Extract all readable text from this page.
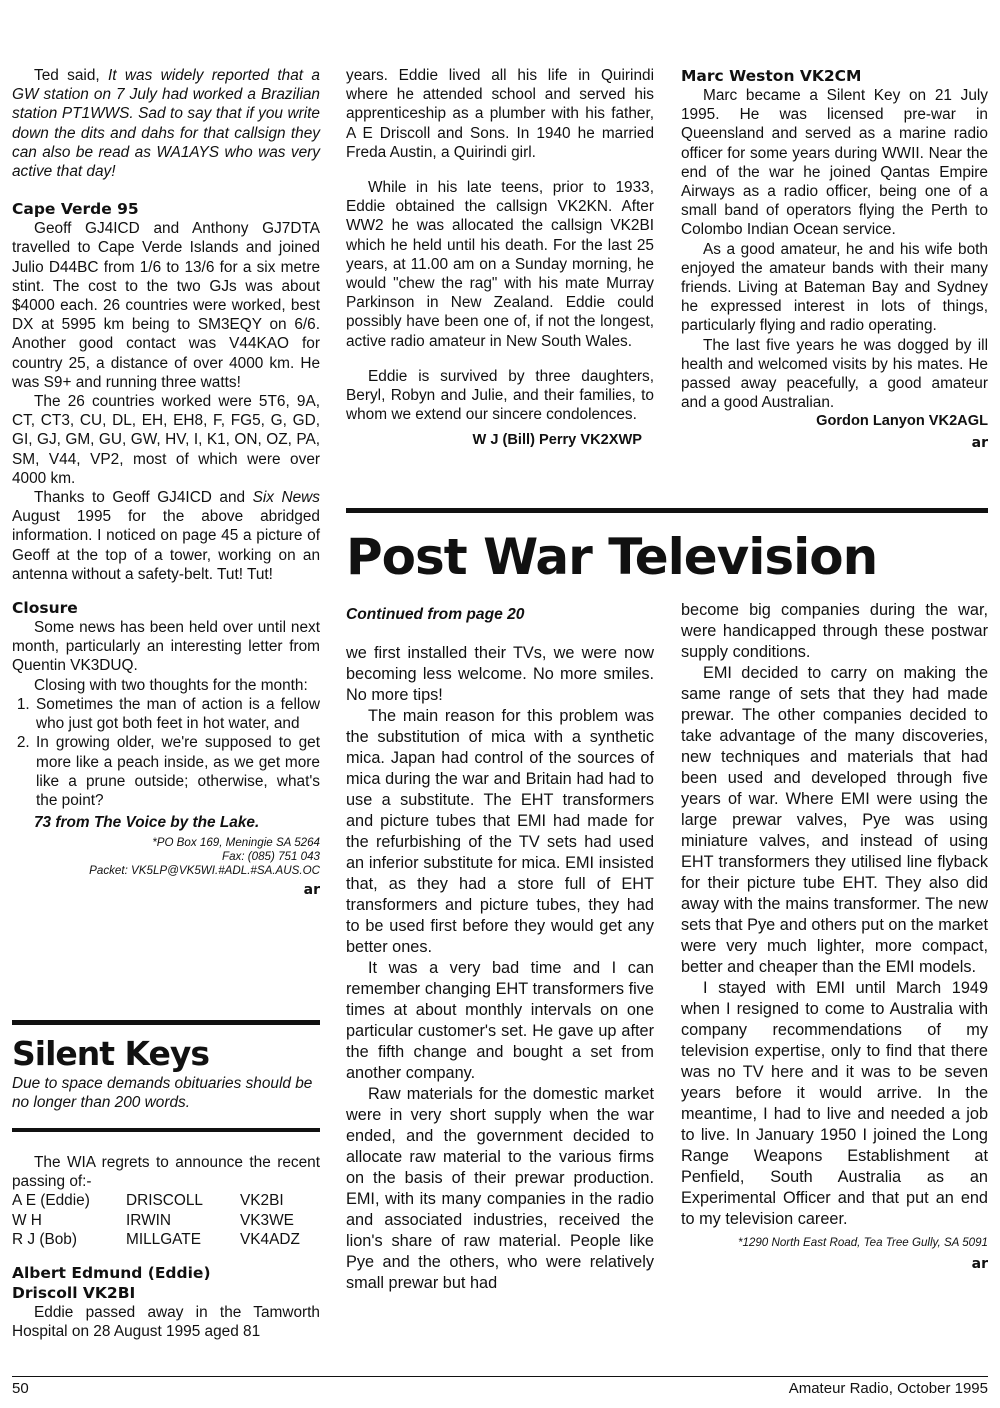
Ted said, It was widely reported that a GW station on 7 July had worked a Brazilian station PT1WWS. Sad to say that if you write down the dits and dahs for that callsign they can also be read as WA1AYS who was very active that day!

Cape Verde 95

Geoff GJ4ICD and Anthony GJ7DTA travelled to Cape Verde Islands and joined Julio D44BC from 1/6 to 13/6 for a six metre stint. The cost to the two GJs was about $4000 each. 26 countries were worked, best DX at 5995 km being to SM3EQY on 6/6. Another good contact was V44KAO for country 25, a distance of over 4000 km. He was S9+ and running three watts!

The 26 countries worked were 5T6, 9A, CT, CT3, CU, DL, EH, EH8, F, FG5, G, GD, GI, GJ, GM, GU, GW, HV, I, K1, ON, OZ, PA, SM, V44, VP2, most of which were over 4000 km.

Thanks to Geoff GJ4ICD and Six News August 1995 for the above abridged information. I noticed on page 45 a picture of Geoff at the top of a tower, working on an antenna without a safety-belt. Tut! Tut!

Closure

Some news has been held over until next month, particularly an interesting letter from Quentin VK3DUQ.

Closing with two thoughts for the month:

1. Sometimes the man of action is a fellow who just got both feet in hot water, and
2. In growing older, we're supposed to get more like a peach inside, as we get more like a prune outside; otherwise, what's the point?

73 from The Voice by the Lake.

*PO Box 169, Meningie SA 5264
Fax: (085) 751 043
Packet: VK5LP@VK5WI.#ADL.#SA.AUS.OC
ar
Silent Keys
Due to space demands obituaries should be no longer than 200 words.

The WIA regrets to announce the recent passing of:-

A E (Eddie)	DRISCOLL	VK2BI
W H	IRWIN	VK3WE
R J (Bob)	MILLGATE	VK4ADZ
Albert Edmund (Eddie)
Driscoll VK2BI

Eddie passed away in the Tamworth Hospital on 28 August 1995 aged 81

years. Eddie lived all his life in Quirindi where he attended school and served his apprenticeship as a plumber with his father, A E Driscoll and Sons. In 1940 he married Freda Austin, a Quirindi girl.

While in his late teens, prior to 1933, Eddie obtained the callsign VK2KN. After WW2 he was allocated the callsign VK2BI which he held until his death. For the last 25 years, at 11.00 am on a Sunday morning, he would "chew the rag" with his mate Murray Parkinson in New Zealand. Eddie could possibly have been one of, if not the longest, active radio amateur in New South Wales.

Eddie is survived by three daughters, Beryl, Robyn and Julie, and their families, to whom we extend our sincere condolences.

W J (Bill) Perry VK2XWP
Marc Weston VK2CM

Marc became a Silent Key on 21 July 1995. He was licensed pre-war in Queensland and served as a marine radio officer for some years during WWII. Near the end of the war he joined Qantas Empire Airways as a radio officer, being one of a small band of operators flying the Perth to Colombo Indian Ocean service.

As a good amateur, he and his wife both enjoyed the amateur bands with their many friends. Living at Bateman Bay and Sydney he expressed interest in lots of things, particularly flying and radio operating.

The last five years he was dogged by ill health and welcomed visits by his mates. He passed away peacefully, a good amateur and a good Australian.

Gordon Lanyon VK2AGL
ar
Post War Television

Continued from page 20

we first installed their TVs, we were now becoming less welcome. No more smiles. No more tips!

The main reason for this problem was the substitution of mica with a synthetic mica. Japan had control of the sources of mica during the war and Britain had had to use a substitute. The EHT transformers and picture tubes that EMI had made for the refurbishing of the TV sets had used an inferior substitute for mica. EMI insisted that, as they had a store full of EHT transformers and picture tubes, they had to be used first before they would get any better ones.

It was a very bad time and I can remember changing EHT transformers five times at about monthly intervals on one particular customer's set. He gave up after the fifth change and bought a set from another company.

Raw materials for the domestic market were in very short supply when the war ended, and the government decided to allocate raw material to the various firms on the basis of their prewar production. EMI, with its many companies in the radio and associated industries, received the lion's share of raw material. People like Pye and the others, who were relatively small prewar but had

become big companies during the war, were handicapped through these postwar supply conditions.

EMI decided to carry on making the same range of sets that they had made prewar. The other companies decided to take advantage of the many discoveries, new techniques and materials that had been used and developed through five years of war. Where EMI were using the large prewar valves, Pye was using miniature valves, and instead of using EHT transformers they utilised line flyback for their picture tube EHT. They also did away with the mains transformer. The new sets that Pye and others put on the market were very much lighter, more compact, better and cheaper than the EMI models.

I stayed with EMI until March 1949 when I resigned to come to Australia with company recommendations of my television expertise, only to find that there was no TV here and it was to be seven years before it would arrive. In the meantime, I had to live and needed a job to live. In January 1950 I joined the Long Range Weapons Establishment at Penfield, South Australia as an Experimental Officer and that put an end to my television career.

*1290 North East Road, Tea Tree Gully, SA 5091
ar
50	Amateur Radio, October 1995
